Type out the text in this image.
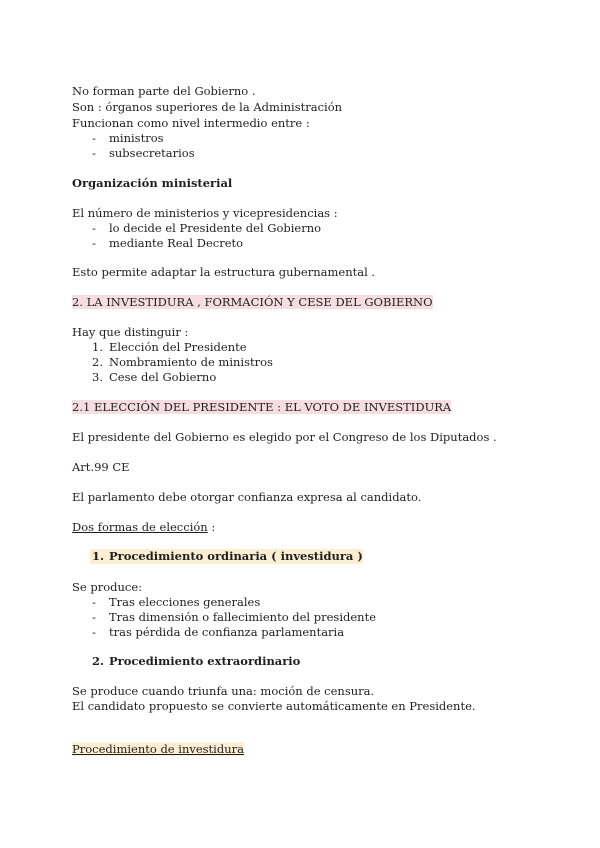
No forman parte del Gobierno .
Son : órganos superiores de la Administración
Funcionan como nivel intermedio entre :
- ministros
- subsecretarios
Organización ministerial
El número de ministerios y vicepresidencias :
- lo decide el Presidente del Gobierno
- mediante Real Decreto
Esto permite adaptar la estructura gubernamental .
2. LA INVESTIDURA , FORMACIÓN Y CESE DEL GOBIERNO
Hay que distinguir :
1. Elección del Presidente
2. Nombramiento de ministros
3. Cese del Gobierno
2.1 ELECCIÓN DEL PRESIDENTE : EL VOTO DE INVESTIDURA
El presidente del Gobierno es elegido por el Congreso de los Diputados .
Art.99 CE
El parlamento debe otorgar confianza expresa al candidato.
Dos formas de elección :
1. Procedimiento ordinaria ( investidura )
Se produce:
- Tras elecciones generales
- Tras dimensión o fallecimiento del presidente
- tras pérdida de confianza parlamentaria
2. Procedimiento extraordinario
Se produce cuando triunfa una: moción de censura.
El candidato propuesto se convierte automáticamente en Presidente.
Procedimiento de investidura
